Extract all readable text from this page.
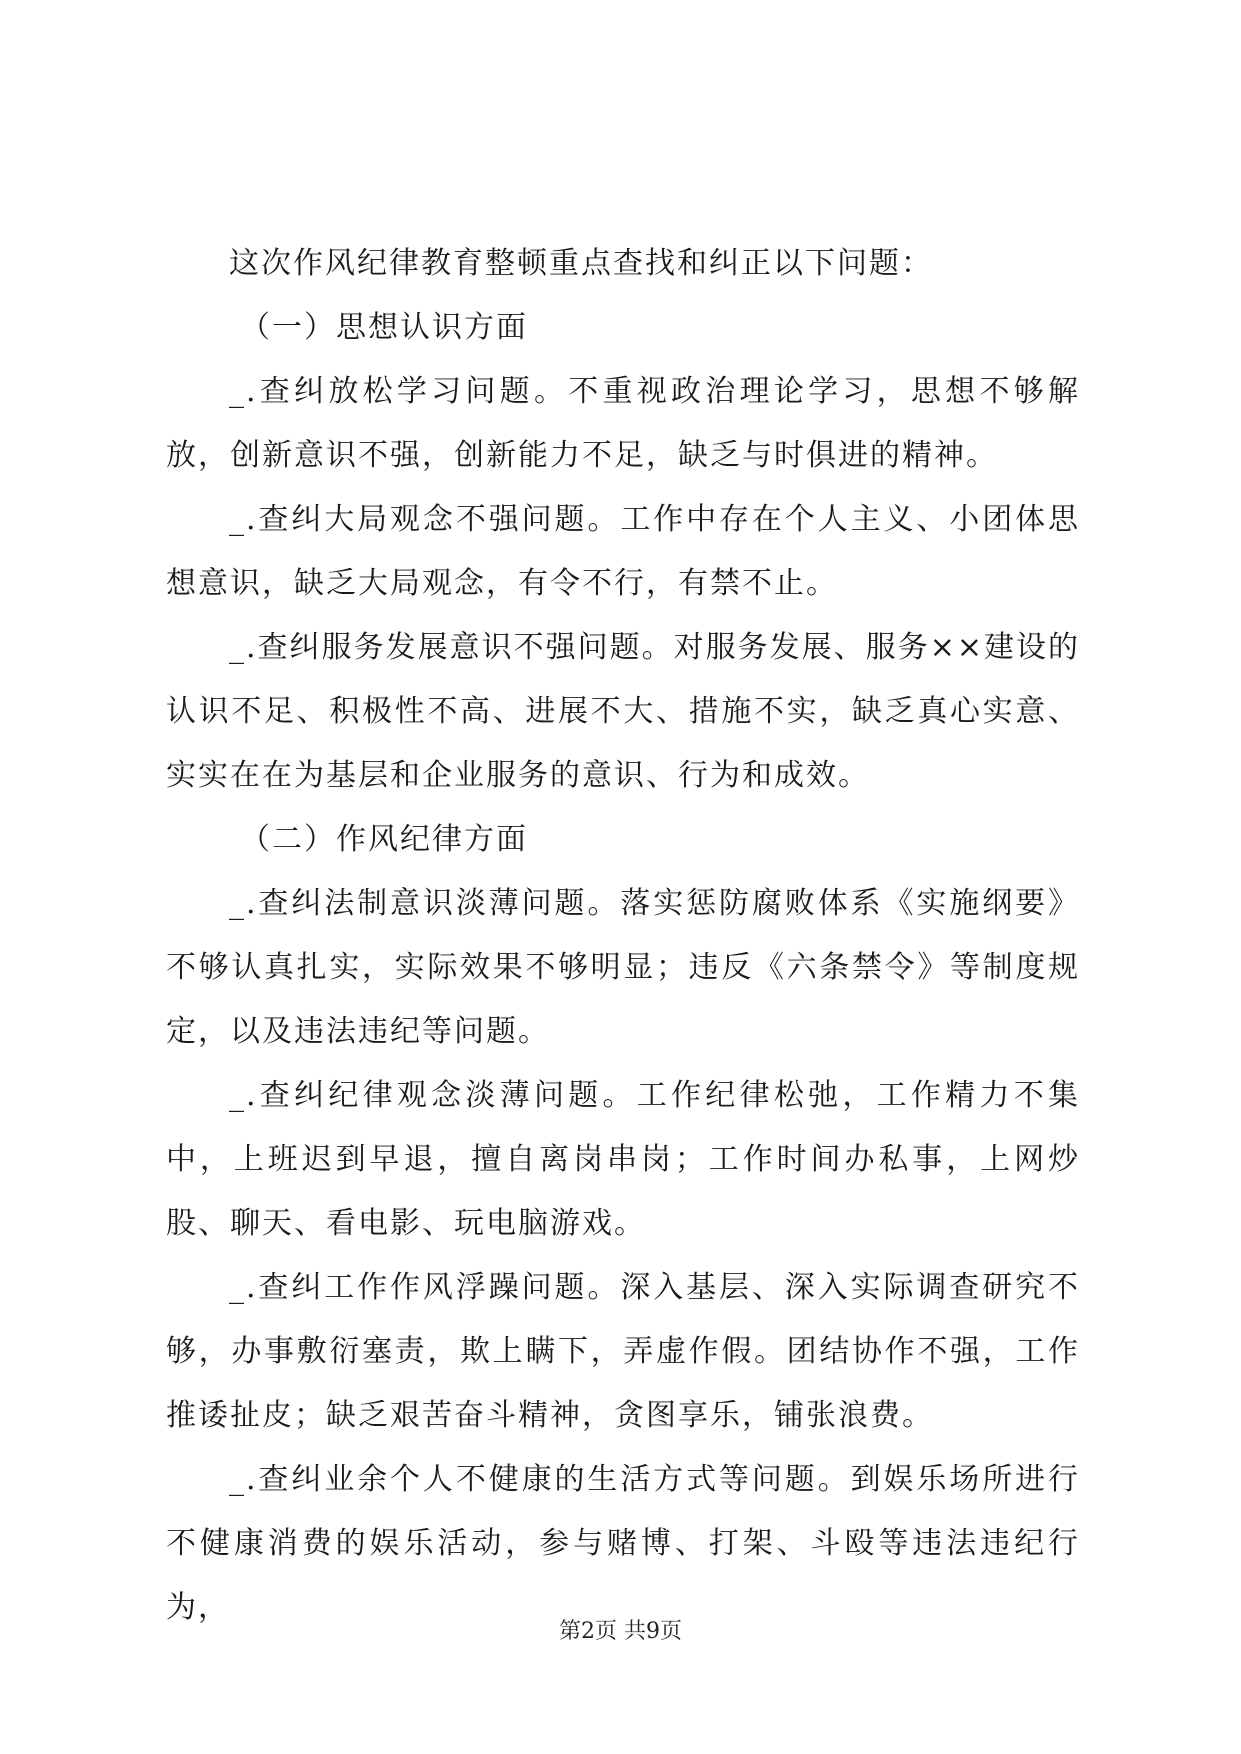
这次作风纪律教育整顿重点查找和纠正以下问题：

（一）思想认识方面

_.查纠放松学习问题。不重视政治理论学习，思想不够解放，创新意识不强，创新能力不足，缺乏与时俱进的精神。

_.查纠大局观念不强问题。工作中存在个人主义、小团体思想意识，缺乏大局观念，有令不行，有禁不止。

_.查纠服务发展意识不强问题。对服务发展、服务××建设的认识不足、积极性不高、进展不大、措施不实，缺乏真心实意、实实在在为基层和企业服务的意识、行为和成效。

（二）作风纪律方面

_.查纠法制意识淡薄问题。落实惩防腐败体系《实施纲要》不够认真扎实，实际效果不够明显；违反《六条禁令》等制度规定，以及违法违纪等问题。

_.查纠纪律观念淡薄问题。工作纪律松弛，工作精力不集中，上班迟到早退，擅自离岗串岗；工作时间办私事，上网炒股、聊天、看电影、玩电脑游戏。

_.查纠工作作风浮躁问题。深入基层、深入实际调查研究不够，办事敷衍塞责，欺上瞒下，弄虚作假。团结协作不强，工作推诿扯皮；缺乏艰苦奋斗精神，贪图享乐，铺张浪费。

_.查纠业余个人不健康的生活方式等问题。到娱乐场所进行不健康消费的娱乐活动，参与赌博、打架、斗殴等违法违纪行为，

第2页 共9页
